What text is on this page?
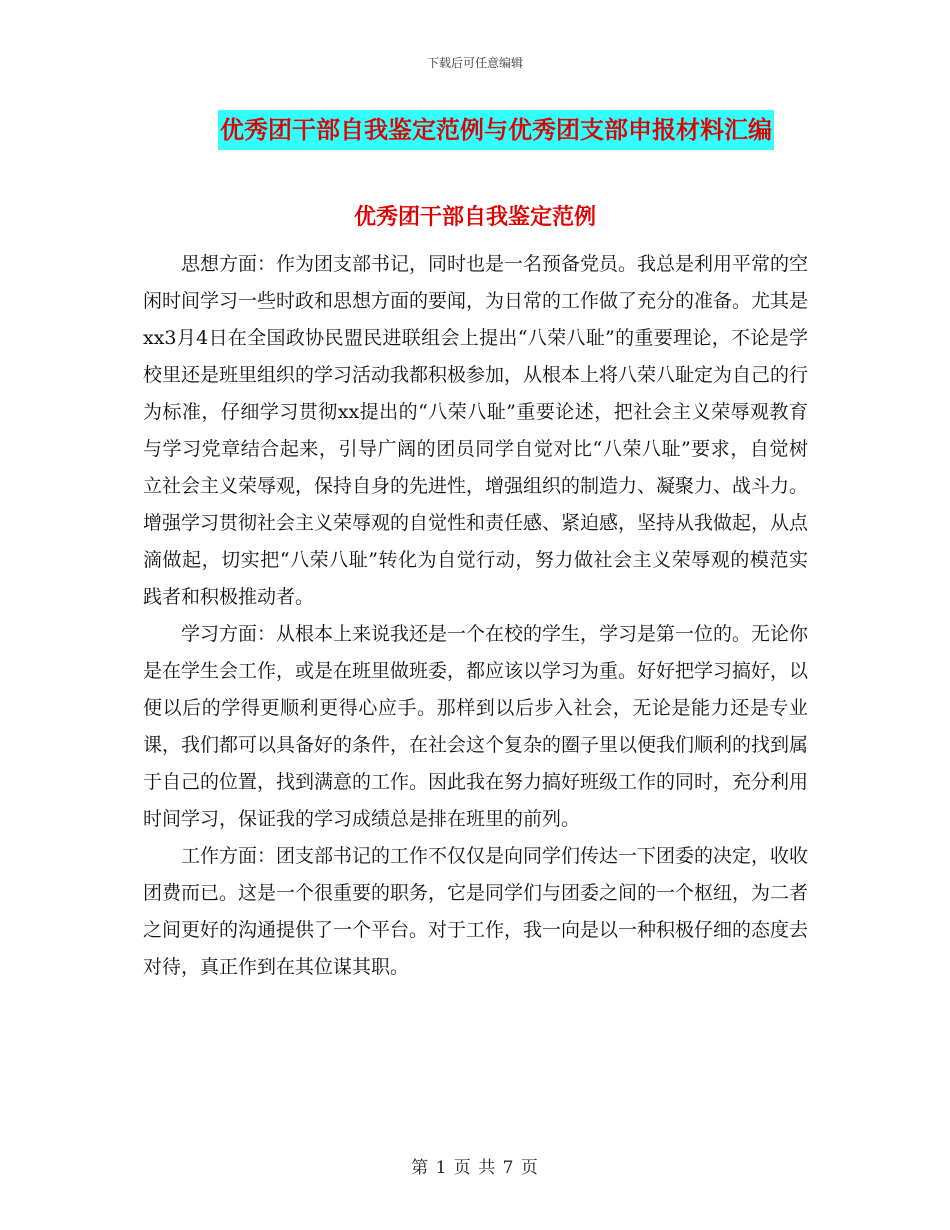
下载后可任意编辑
优秀团干部自我鉴定范例与优秀团支部申报材料汇编
优秀团干部自我鉴定范例

思想方面：作为团支部书记，同时也是一名预备党员。我总是利用平常的空闲时间学习一些时政和思想方面的要闻，为日常的工作做了充分的准备。尤其是xx3月4日在全国政协民盟民进联组会上提出“八荣八耻”的重要理论，不论是学校里还是班里组织的学习活动我都积极参加，从根本上将八荣八耻定为自己的行为标准，仔细学习贯彻xx提出的“八荣八耻”重要论述，把社会主义荣辱观教育与学习党章结合起来，引导广阔的团员同学自觉对比“八荣八耻”要求，自觉树立社会主义荣辱观，保持自身的先进性，增强组织的制造力、凝聚力、战斗力。增强学习贯彻社会主义荣辱观的自觉性和责任感、紧迫感，坚持从我做起，从点滴做起，切实把“八荣八耻”转化为自觉行动，努力做社会主义荣辱观的模范实践者和积极推动者。

学习方面：从根本上来说我还是一个在校的学生，学习是第一位的。无论你是在学生会工作，或是在班里做班委，都应该以学习为重。好好把学习搞好，以便以后的学得更顺利更得心应手。那样到以后步入社会，无论是能力还是专业课，我们都可以具备好的条件，在社会这个复杂的圈子里以便我们顺利的找到属于自己的位置，找到满意的工作。因此我在努力搞好班级工作的同时，充分利用时间学习，保证我的学习成绩总是排在班里的前列。

工作方面：团支部书记的工作不仅仅是向同学们传达一下团委的决定，收收团费而已。这是一个很重要的职务，它是同学们与团委之间的一个枢纽，为二者之间更好的沟通提供了一个平台。对于工作，我一向是以一种积极仔细的态度去对待，真正作到在其位谋其职。

第 1 页 共 7 页
